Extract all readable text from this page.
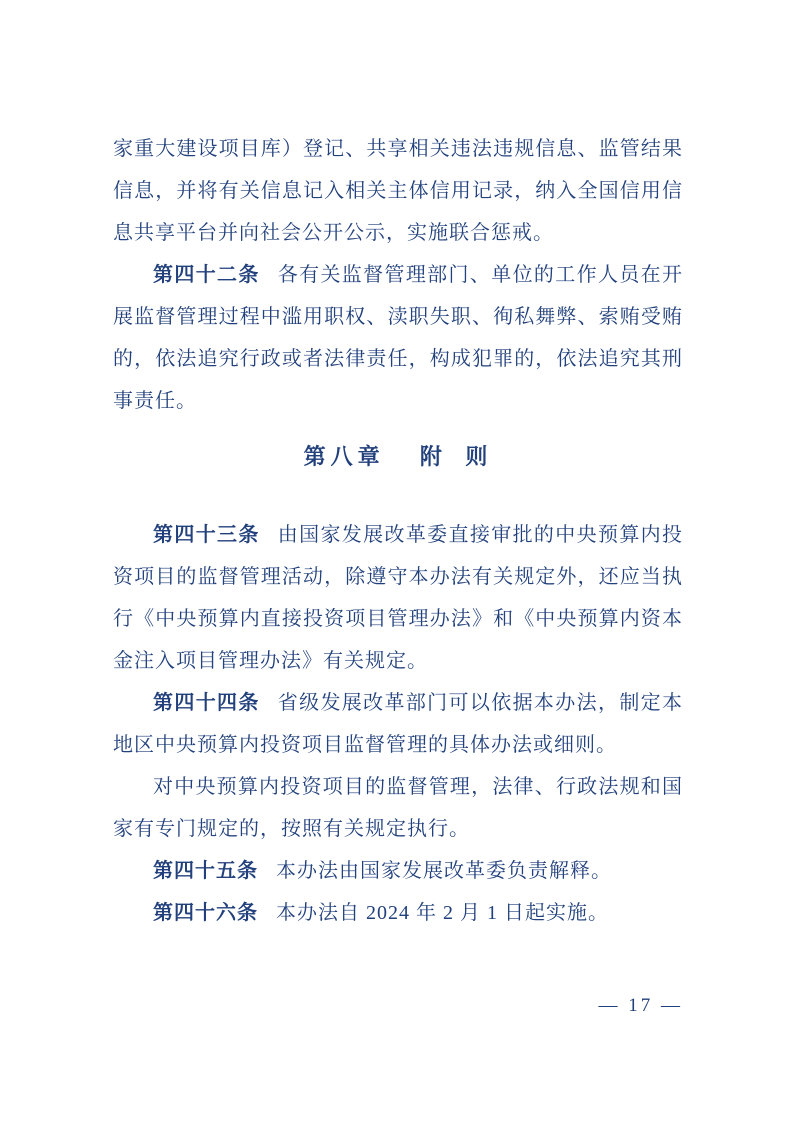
家重大建设项目库）登记、共享相关违法违规信息、监管结果信息，并将有关信息记入相关主体信用记录，纳入全国信用信息共享平台并向社会公开公示，实施联合惩戒。

第四十二条 各有关监督管理部门、单位的工作人员在开展监督管理过程中滥用职权、渎职失职、徇私舞弊、索贿受贿的，依法追究行政或者法律责任，构成犯罪的，依法追究其刑事责任。

第八章 附 则

第四十三条 由国家发展改革委直接审批的中央预算内投资项目的监督管理活动，除遵守本办法有关规定外，还应当执行《中央预算内直接投资项目管理办法》和《中央预算内资本金注入项目管理办法》有关规定。

第四十四条 省级发展改革部门可以依据本办法，制定本地区中央预算内投资项目监督管理的具体办法或细则。

对中央预算内投资项目的监督管理，法律、行政法规和国家有专门规定的，按照有关规定执行。

第四十五条 本办法由国家发展改革委负责解释。

第四十六条 本办法自 2024 年 2 月 1 日起实施。

— 17 —
